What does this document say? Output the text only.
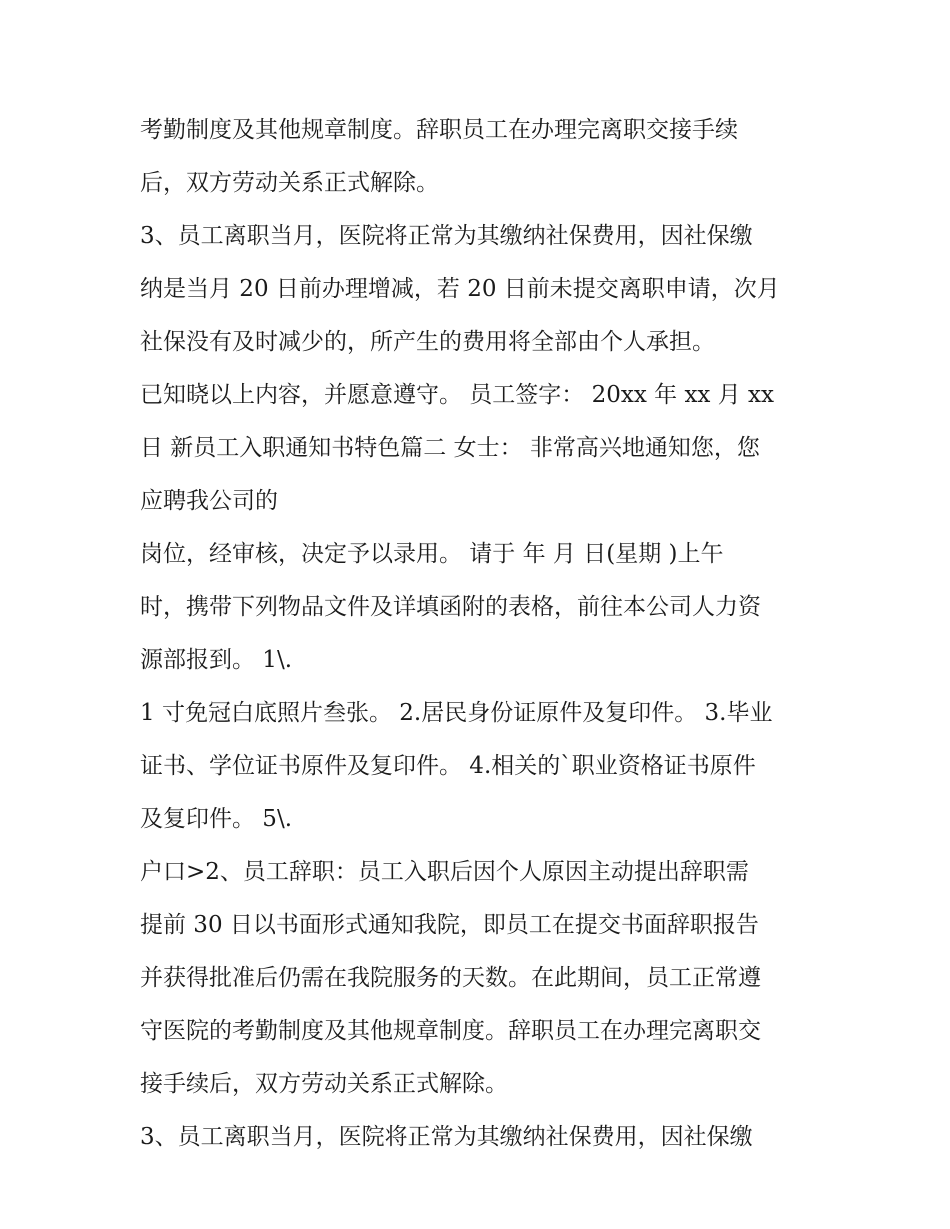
考勤制度及其他规章制度。辞职员工在办理完离职交接手续
后，双方劳动关系正式解除。
3、员工离职当月，医院将正常为其缴纳社保费用，因社保缴
纳是当月 20 日前办理增减，若 20 日前未提交离职申请，次月
社保没有及时减少的，所产生的费用将全部由个人承担。
已知晓以上内容，并愿意遵守。 员工签字： 20xx 年 xx 月 xx
日 新员工入职通知书特色篇二 女士： 非常高兴地通知您，您
应聘我公司的
岗位，经审核，决定予以录用。 请于 年 月 日(星期 )上午
时，携带下列物品文件及详填函附的表格，前往本公司人力资
源部报到。 1\.
1 寸免冠白底照片叁张。 2.居民身份证原件及复印件。 3.毕业
证书、学位证书原件及复印件。 4.相关的`职业资格证书原件
及复印件。 5\.
户口>2、员工辞职：员工入职后因个人原因主动提出辞职需
提前 30 日以书面形式通知我院，即员工在提交书面辞职报告
并获得批准后仍需在我院服务的天数。在此期间，员工正常遵
守医院的考勤制度及其他规章制度。辞职员工在办理完离职交
接手续后，双方劳动关系正式解除。
3、员工离职当月，医院将正常为其缴纳社保费用，因社保缴
